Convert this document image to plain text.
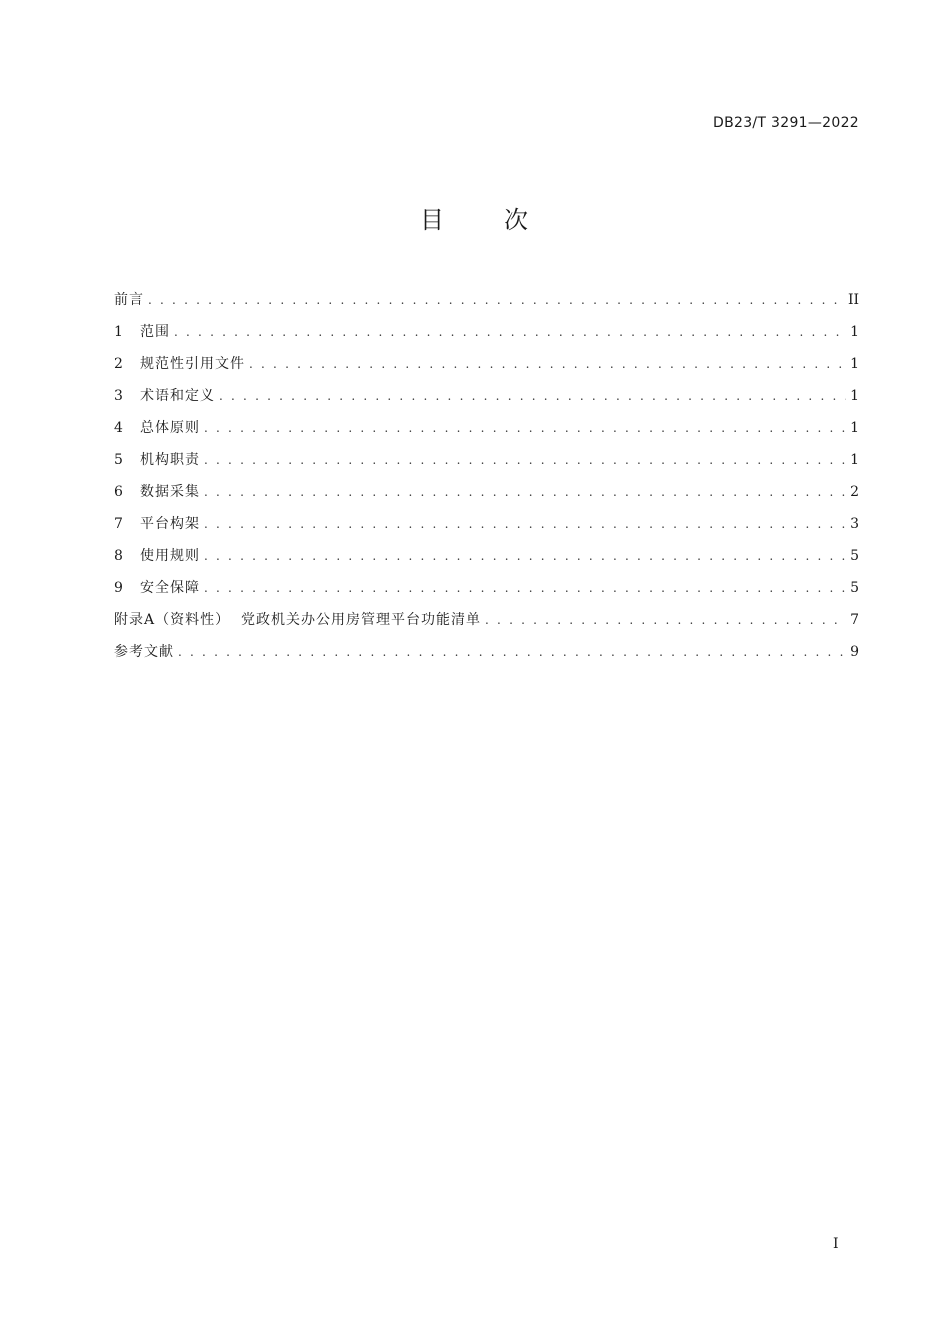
DB23/T 3291—2022
目 次
前言 . . .	II
1	范围 . . .	1
2	规范性引用文件 . . .	1
3	术语和定义 . . .	1
4	总体原则 . . .	1
5	机构职责 . . .	1
6	数据采集 . . .	2
7	平台构架 . . .	3
8	使用规则 . . .	5
9	安全保障 . . .	5
附录A（资料性）  党政机关办公用房管理平台功能清单 . . .	7
参考文献 . . .	9
I
